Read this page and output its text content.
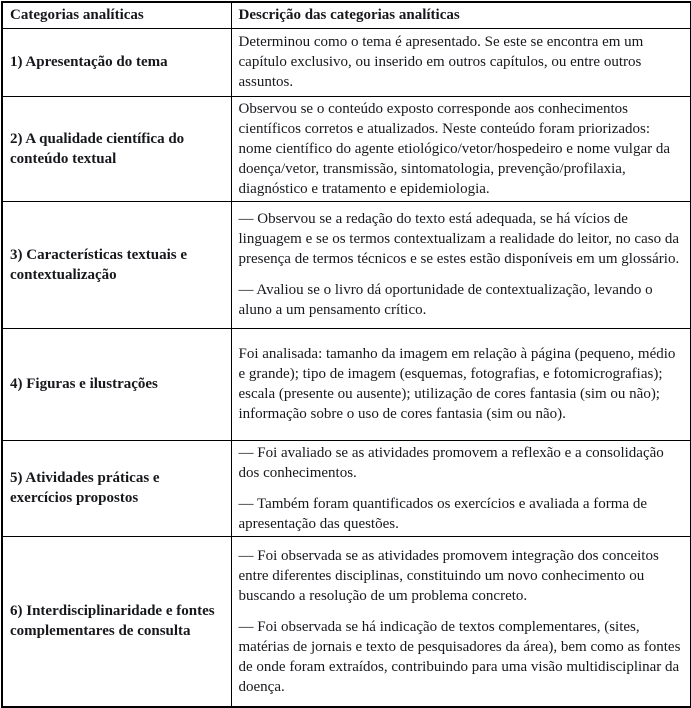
Categorias analíticas	Descrição das categorias analíticas
1) Apresentação do tema	Determinou como o tema é apresentado. Se este se encontra em um capítulo exclusivo, ou inserido em outros capítulos, ou entre outros assuntos.

2) A qualidade científica do conteúdo textual	Observou se o conteúdo exposto corresponde aos conhecimentos científicos corretos e atualizados. Neste conteúdo foram priorizados: nome científico do agente etiológico/vetor/hospedeiro e nome vulgar da doença/vetor, transmissão, sintomatologia, prevenção/profilaxia, diagnóstico e tratamento e epidemiologia.

3) Características textuais e contextualização	— Observou se a redação do texto está adequada, se há vícios de linguagem e se os termos contextualizam a realidade do leitor, no caso da presença de termos técnicos e se estes estão disponíveis em um glossário.

— Avaliou se o livro dá oportunidade de contextualização, levando o aluno a um pensamento crítico.

4) Figuras e ilustrações	Foi analisada: tamanho da imagem em relação à página (pequeno, médio e grande); tipo de imagem (esquemas, fotografias, e fotomicrografias); escala (presente ou ausente); utilização de cores fantasia (sim ou não); informação sobre o uso de cores fantasia (sim ou não).

5) Atividades práticas e exercícios propostos	— Foi avaliado se as atividades promovem a reflexão e a consolidação dos conhecimentos.

— Também foram quantificados os exercícios e avaliada a forma de apresentação das questões.

6) Interdisciplinaridade e fontes complementares de consulta	— Foi observada se as atividades promovem integração dos conceitos entre diferentes disciplinas, constituindo um novo conhecimento ou buscando a resolução de um problema concreto.

— Foi observada se há indicação de textos complementares, (sites, matérias de jornais e texto de pesquisadores da área), bem como as fontes de onde foram extraídos, contribuindo para uma visão multidisciplinar da doença.
